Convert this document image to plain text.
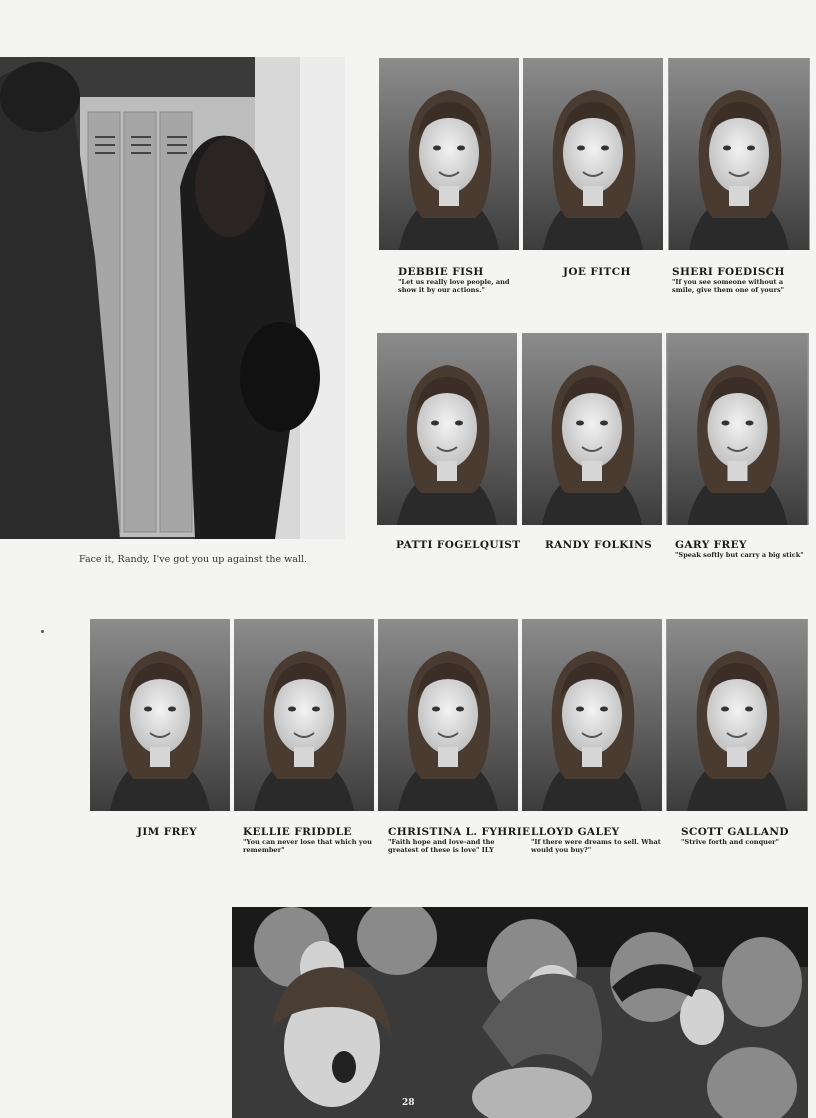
Face it, Randy, I've got you up against the wall.
DEBBIE FISH
"Let us really love people, and show it by our actions."
JOE FITCH	SHERI FOEDISCH
"If you see someone without a smile, give them one of yours"
PATTI FOGELQUIST RANDY FOLKINS GARY FREY
"Speak softly but carry a big stick"
JIM FREY	KELLIE FRIDDLE
"You can never lose that which you remember"
CHRISTINA L. FYHRIE
"Faith hope and love-and the greatest of these is love" ILY
LLOYD GALEY
"If there were dreams to sell. What would you buy?"
SCOTT GALLAND
"Strive forth and conquer"
28
